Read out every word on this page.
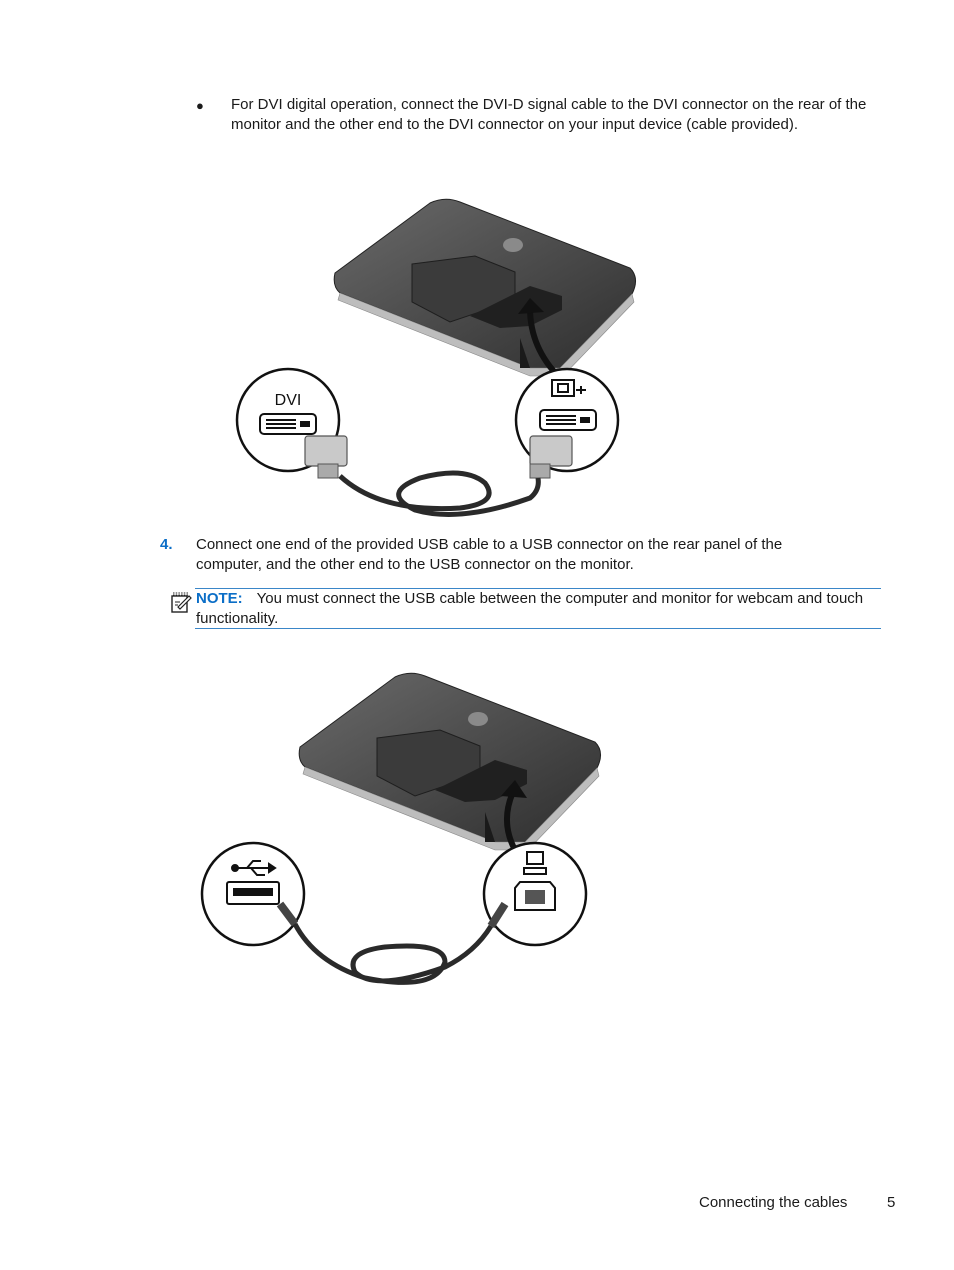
● For DVI digital operation, connect the DVI-D signal cable to the DVI connector on the rear of the monitor and the other end to the DVI connector on your input device (cable provided).
DVI
4. Connect one end of the provided USB cable to a USB connector on the rear panel of the computer, and the other end to the USB connector on the monitor.
NOTE: You must connect the USB cable between the computer and monitor for webcam and touch functionality.
Connecting the cables	5
